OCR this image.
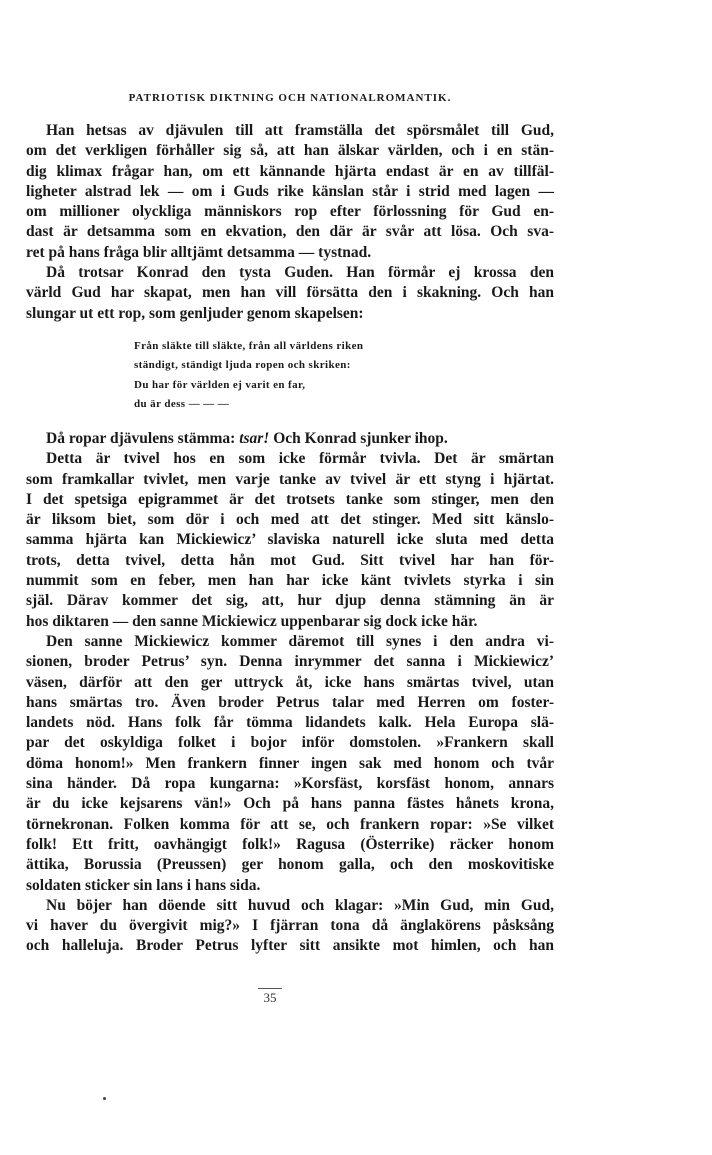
PATRIOTISK DIKTNING OCH NATIONALROMANTIK.
Han hetsas av djävulen till att framställa det spörsmålet till Gud,
om det verkligen förhåller sig så, att han älskar världen, och i en stän-
dig klimax frågar han, om ett kännande hjärta endast är en av tillfäl-
ligheter alstrad lek — om i Guds rike känslan står i strid med lagen —
om millioner olyckliga människors rop efter förlossning för Gud en-
dast är detsamma som en ekvation, den där är svår att lösa. Och sva-
ret på hans fråga blir alltjämt detsamma — tystnad.
Då trotsar Konrad den tysta Guden. Han förmår ej krossa den
värld Gud har skapat, men han vill försätta den i skakning. Och han
slungar ut ett rop, som genljuder genom skapelsen:
Från släkte till släkte, från all världens riken
ständigt, ständigt ljuda ropen och skriken:
Du har för världen ej varit en far,
du är dess — — —
Då ropar djävulens stämma: tsar! Och Konrad sjunker ihop.
Detta är tvivel hos en som icke förmår tvivla. Det är smärtan
som framkallar tvivlet, men varje tanke av tvivel är ett styng i hjärtat.
I det spetsiga epigrammet är det trotsets tanke som stinger, men den
är liksom biet, som dör i och med att det stinger. Med sitt känslo-
samma hjärta kan Mickiewicz’ slaviska naturell icke sluta med detta
trots, detta tvivel, detta hån mot Gud. Sitt tvivel har han för-
nummit som en feber, men han har icke känt tvivlets styrka i sin
själ. Därav kommer det sig, att, hur djup denna stämning än är
hos diktaren — den sanne Mickiewicz uppenbarar sig dock icke här.
Den sanne Mickiewicz kommer däremot till synes i den andra vi-
sionen, broder Petrus’ syn. Denna inrymmer det sanna i Mickiewicz’
väsen, därför att den ger uttryck åt, icke hans smärtas tvivel, utan
hans smärtas tro. Även broder Petrus talar med Herren om foster-
landets nöd. Hans folk får tömma lidandets kalk. Hela Europa slä-
par det oskyldiga folket i bojor inför domstolen. »Frankern skall
döma honom!» Men frankern finner ingen sak med honom och tvår
sina händer. Då ropa kungarna: »Korsfäst, korsfäst honom, annars
är du icke kejsarens vän!» Och på hans panna fästes hånets krona,
törnekronan. Folken komma för att se, och frankern ropar: »Se vilket
folk! Ett fritt, oavhängigt folk!» Ragusa (Österrike) räcker honom
ättika, Borussia (Preussen) ger honom galla, och den moskovitiske
soldaten sticker sin lans i hans sida.
Nu böjer han döende sitt huvud och klagar: »Min Gud, min Gud,
vi haver du övergivit mig?» I fjärran tona då änglakörens påsksång
och halleluja. Broder Petrus lyfter sitt ansikte mot himlen, och han
35
